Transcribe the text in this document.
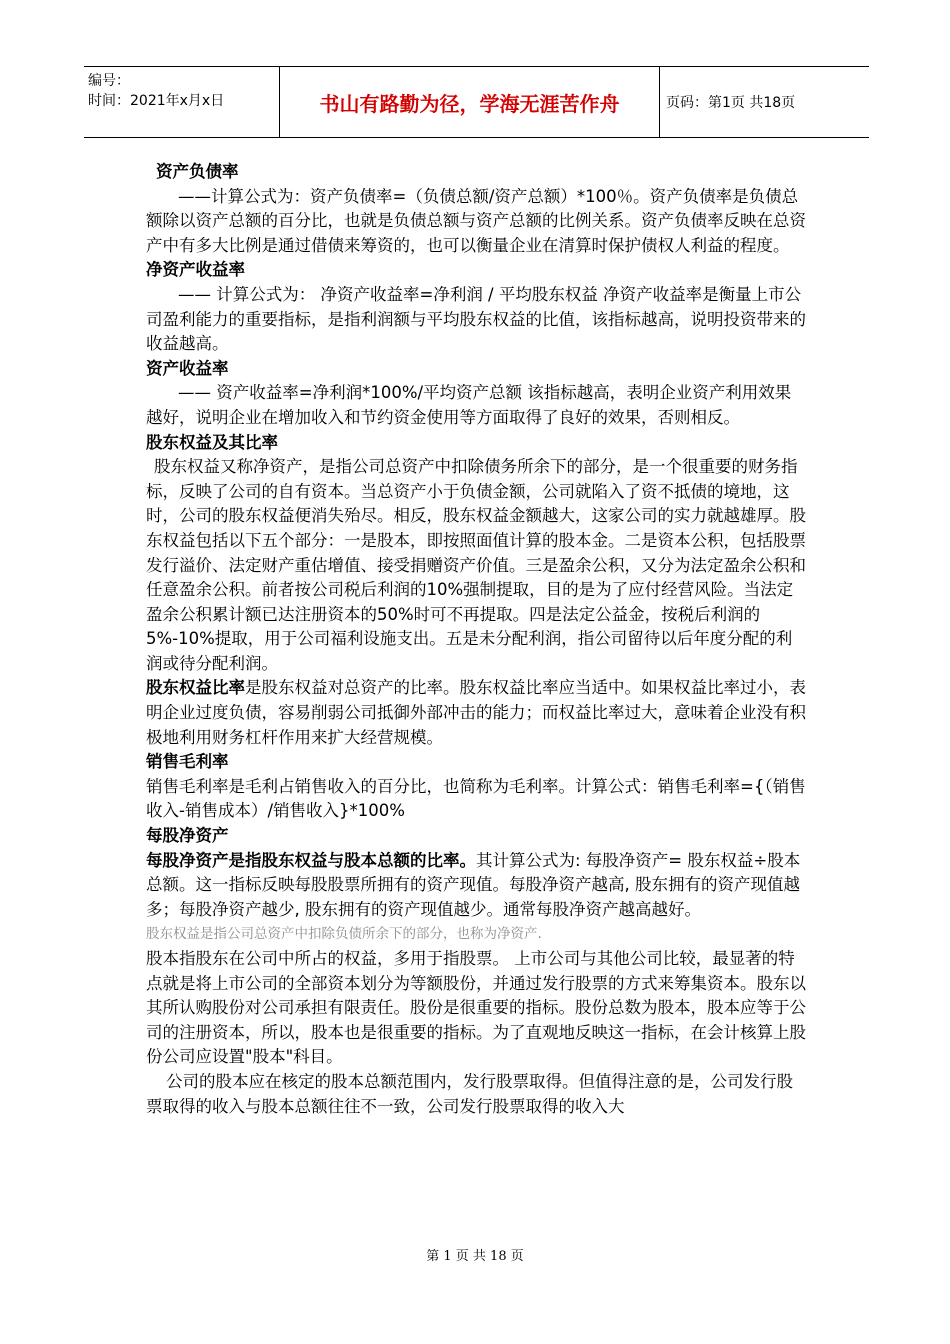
编号：
时间：2021年x月x日	书山有路勤为径，学海无涯苦作舟	页码：第1页 共18页

资产负债率

——计算公式为：资产负债率=（负债总额/资产总额）*100％。资产负债率是负债总额除以资产总额的百分比，也就是负债总额与资产总额的比例关系。资产负债率反映在总资产中有多大比例是通过借债来筹资的，也可以衡量企业在清算时保护债权人利益的程度。

净资产收益率

—— 计算公式为： 净资产收益率=净利润 / 平均股东权益 净资产收益率是衡量上市公司盈利能力的重要指标，是指利润额与平均股东权益的比值，该指标越高，说明投资带来的收益越高。

资产收益率

—— 资产收益率=净利润*100%/平均资产总额 该指标越高，表明企业资产利用效果越好，说明企业在增加收入和节约资金使用等方面取得了良好的效果，否则相反。

股东权益及其比率

股东权益又称净资产，是指公司总资产中扣除债务所余下的部分，是一个很重要的财务指标，反映了公司的自有资本。当总资产小于负债金额，公司就陷入了资不抵债的境地，这时，公司的股东权益便消失殆尽。相反，股东权益金额越大，这家公司的实力就越雄厚。股东权益包括以下五个部分：一是股本，即按照面值计算的股本金。二是资本公积，包括股票发行溢价、法定财产重估增值、接受捐赠资产价值。三是盈余公积，又分为法定盈余公积和任意盈余公积。前者按公司税后利润的10%强制提取，目的是为了应付经营风险。当法定盈余公积累计额已达注册资本的50%时可不再提取。四是法定公益金，按税后利润的5%-10%提取，用于公司福利设施支出。五是未分配利润，指公司留待以后年度分配的利润或待分配利润。

股东权益比率是股东权益对总资产的比率。股东权益比率应当适中。如果权益比率过小，表明企业过度负债，容易削弱公司抵御外部冲击的能力；而权益比率过大，意味着企业没有积极地利用财务杠杆作用来扩大经营规模。

销售毛利率

销售毛利率是毛利占销售收入的百分比，也简称为毛利率。计算公式：销售毛利率={（销售收入-销售成本）/销售收入}*100%

每股净资产

每股净资产是指股东权益与股本总额的比率。其计算公式为: 每股净资产= 股东权益÷股本总额。这一指标反映每股股票所拥有的资产现值。每股净资产越高, 股东拥有的资产现值越多；每股净资产越少, 股东拥有的资产现值越少。通常每股净资产越高越好。

股东权益是指公司总资产中扣除负债所余下的部分，也称为净资产.

股本指股东在公司中所占的权益，多用于指股票。 上市公司与其他公司比较，最显著的特点就是将上市公司的全部资本划分为等额股份，并通过发行股票的方式来筹集资本。股东以其所认购股份对公司承担有限责任。股份是很重要的指标。股份总数为股本，股本应等于公司的注册资本，所以，股本也是很重要的指标。为了直观地反映这一指标，在会计核算上股份公司应设置"股本"科目。

公司的股本应在核定的股本总额范围内，发行股票取得。但值得注意的是，公司发行股票取得的收入与股本总额往往不一致，公司发行股票取得的收入大

第 1 页 共 18 页
